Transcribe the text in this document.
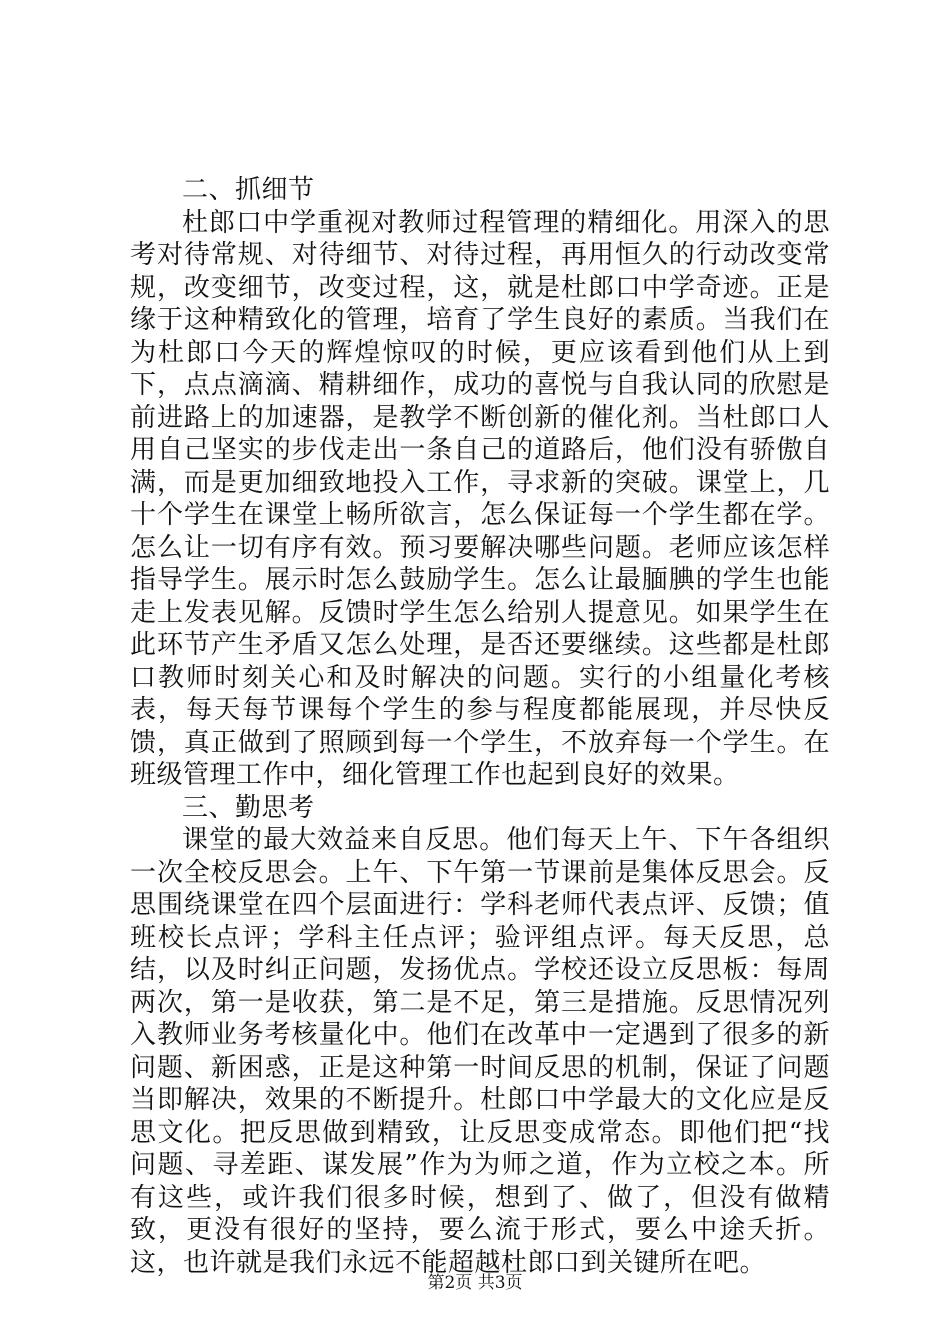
二、抓细节

杜郎口中学重视对教师过程管理的精细化。用深入的思考对待常规、对待细节、对待过程，再用恒久的行动改变常规，改变细节，改变过程，这，就是杜郎口中学奇迹。正是缘于这种精致化的管理，培育了学生良好的素质。当我们在为杜郎口今天的辉煌惊叹的时候，更应该看到他们从上到下，点点滴滴、精耕细作，成功的喜悦与自我认同的欣慰是前进路上的加速器，是教学不断创新的催化剂。当杜郎口人用自己坚实的步伐走出一条自己的道路后，他们没有骄傲自满，而是更加细致地投入工作，寻求新的突破。课堂上，几十个学生在课堂上畅所欲言，怎么保证每一个学生都在学。怎么让一切有序有效。预习要解决哪些问题。老师应该怎样指导学生。展示时怎么鼓励学生。怎么让最腼腆的学生也能走上发表见解。反馈时学生怎么给别人提意见。如果学生在此环节产生矛盾又怎么处理，是否还要继续。这些都是杜郎口教师时刻关心和及时解决的问题。实行的小组量化考核表，每天每节课每个学生的参与程度都能展现，并尽快反馈，真正做到了照顾到每一个学生，不放弃每一个学生。在班级管理工作中，细化管理工作也起到良好的效果。

三、勤思考

课堂的最大效益来自反思。他们每天上午、下午各组织一次全校反思会。上午、下午第一节课前是集体反思会。反思围绕课堂在四个层面进行：学科老师代表点评、反馈；值班校长点评；学科主任点评；验评组点评。每天反思，总结，以及时纠正问题，发扬优点。学校还设立反思板：每周两次，第一是收获，第二是不足，第三是措施。反思情况列入教师业务考核量化中。他们在改革中一定遇到了很多的新问题、新困惑，正是这种第一时间反思的机制，保证了问题当即解决，效果的不断提升。杜郎口中学最大的文化应是反思文化。把反思做到精致，让反思变成常态。即他们把“找问题、寻差距、谋发展”作为为师之道，作为立校之本。所有这些，或许我们很多时候，想到了、做了，但没有做精致，更没有很好的坚持，要么流于形式，要么中途夭折。这，也许就是我们永远不能超越杜郎口到关键所在吧。

第2页 共3页
